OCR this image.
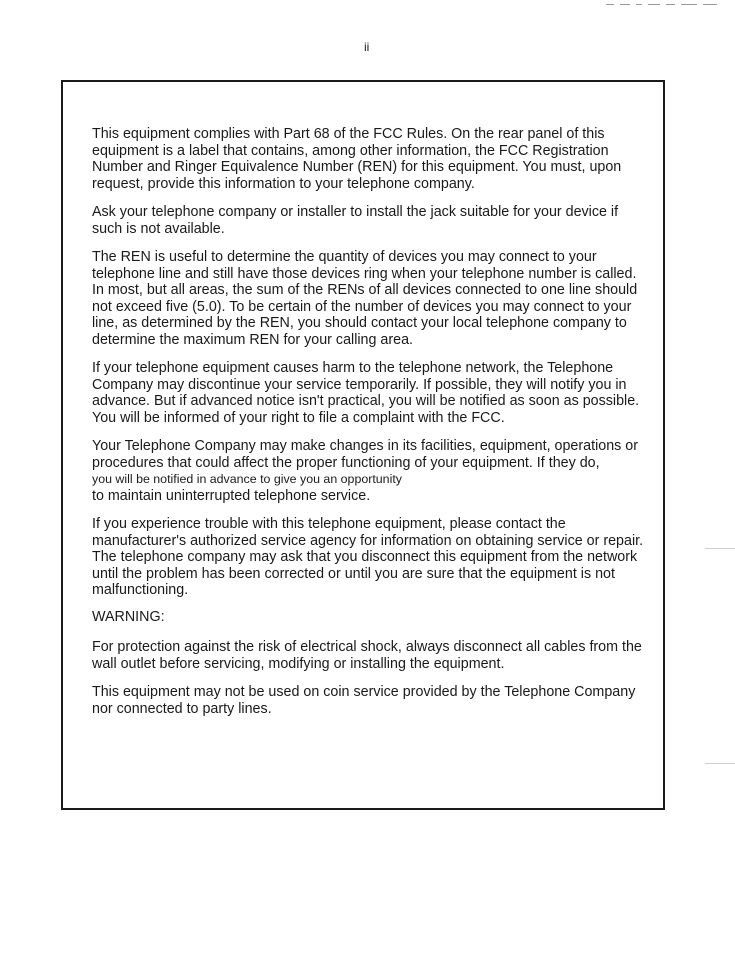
ii

This equipment complies with Part 68 of the FCC Rules. On the rear panel of this equipment is a label that contains, among other information, the FCC Registration Number and Ringer Equivalence Number (REN) for this equipment. You must, upon request, provide this information to your telephone company.

Ask your telephone company or installer to install the jack suitable for your device if such is not available.

The REN is useful to determine the quantity of devices you may connect to your telephone line and still have those devices ring when your telephone number is called. In most, but all areas, the sum of the RENs of all devices connected to one line should not exceed five (5.0). To be certain of the number of devices you may connect to your line, as determined by the REN, you should contact your local telephone company to determine the maximum REN for your calling area.

If your telephone equipment causes harm to the telephone network, the Telephone Company may discontinue your service temporarily. If possible, they will notify you in advance. But if advanced notice isn't practical, you will be notified as soon as possible. You will be informed of your right to file a complaint with the FCC.

Your Telephone Company may make changes in its facilities, equipment, operations or procedures that could affect the proper functioning of your equipment. If they do,
you will be notified in advance to give you an opportunity
to maintain uninterrupted telephone service.

If you experience trouble with this telephone equipment, please contact the manufacturer's authorized service agency for information on obtaining service or repair. The telephone company may ask that you disconnect this equipment from the network until the problem has been corrected or until you are sure that the equipment is not malfunctioning.

WARNING:

For protection against the risk of electrical shock, always disconnect all cables from the wall outlet before servicing, modifying or installing the equipment.

This equipment may not be used on coin service provided by the Telephone Company nor connected to party lines.
